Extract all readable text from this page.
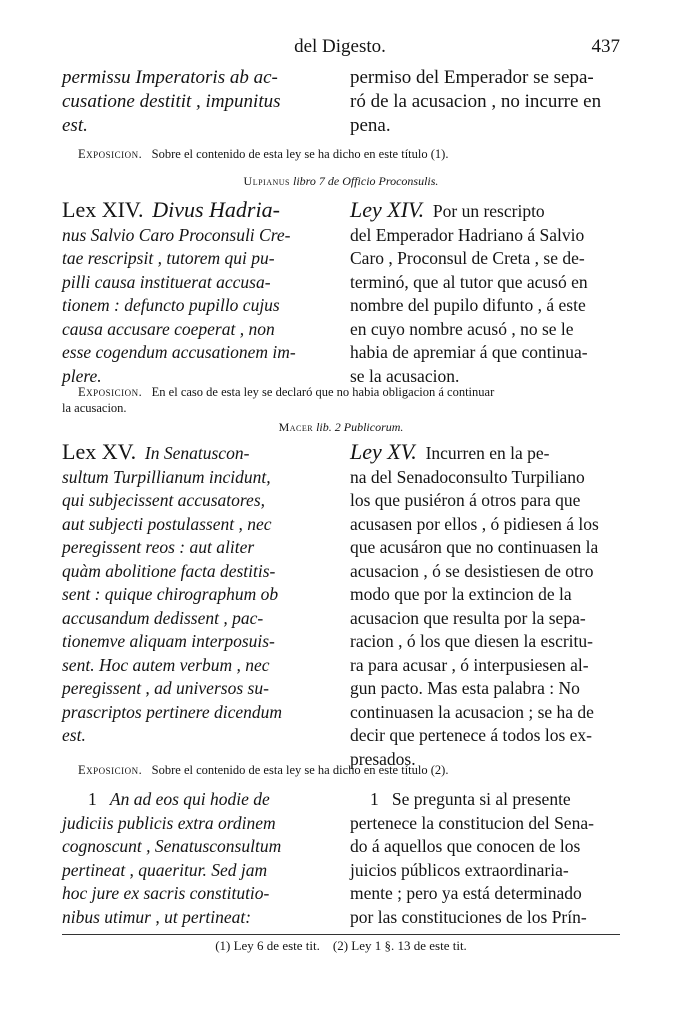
del Digesto.	437
permissu Imperatoris ab ac-
cusatione destitit , impunitus
est.
permiso del Emperador se sepa-
ró de la acusacion , no incurre en
pena.
Exposicion. Sobre el contenido de esta ley se ha dicho en este título (1).
Ulpianus libro 7 de Officio Proconsulis.
Lex XIV. Divus Hadria-
nus Salvio Caro Proconsuli Cre-
tae rescripsit , tutorem qui pu-
pilli causa instituerat accusa-
tionem : defuncto pupillo cujus
causa accusare coeperat , non
esse cogendum accusationem im-
plere.
Ley XIV. Por un rescripto
del Emperador Hadriano á Salvio
Caro , Proconsul de Creta , se de-
terminó, que al tutor que acusó en
nombre del pupilo difunto , á este
en cuyo nombre acusó , no se le
habia de apremiar á que continua-
se la acusacion.
Exposicion. En el caso de esta ley se declaró que no habia obligacion á continuar
la acusacion.
Macer lib. 2 Publicorum.
Lex XV. In Senatuscon-
sultum Turpillianum incidunt,
qui subjecissent accusatores,
aut subjecti postulassent , nec
peregissent reos : aut aliter
quàm abolitione facta destitis-
sent : quique chirographum ob
accusandum dedissent , pac-
tionemve aliquam interposuis-
sent. Hoc autem verbum , nec
peregissent , ad universos su-
prascriptos pertinere dicendum
est.
Ley XV. Incurren en la pe-
na del Senadoconsulto Turpiliano
los que pusiéron á otros para que
acusasen por ellos , ó pidiesen á los
que acusáron que no continuasen la
acusacion , ó se desistiesen de otro
modo que por la extincion de la
acusacion que resulta por la sepa-
racion , ó los que diesen la escritu-
ra para acusar , ó interpusiesen al-
gun pacto. Mas esta palabra : No
continuasen la acusacion ; se ha de
decir que pertenece á todos los ex-
presados.
Exposicion. Sobre el contenido de esta ley se ha dicho en este título (2).
1 An ad eos qui hodie de
judiciis publicis extra ordinem
cognoscunt , Senatusconsultum
pertineat , quaeritur. Sed jam
hoc jure ex sacris constitutio-
nibus utimur , ut pertineat:
1 Se pregunta si al presente
pertenece la constitucion del Sena-
do á aquellos que conocen de los
juicios públicos extraordinaria-
mente ; pero ya está determinado
por las constituciones de los Prín-
(1) Ley 6 de este tit. (2) Ley 1 §. 13 de este tit.
